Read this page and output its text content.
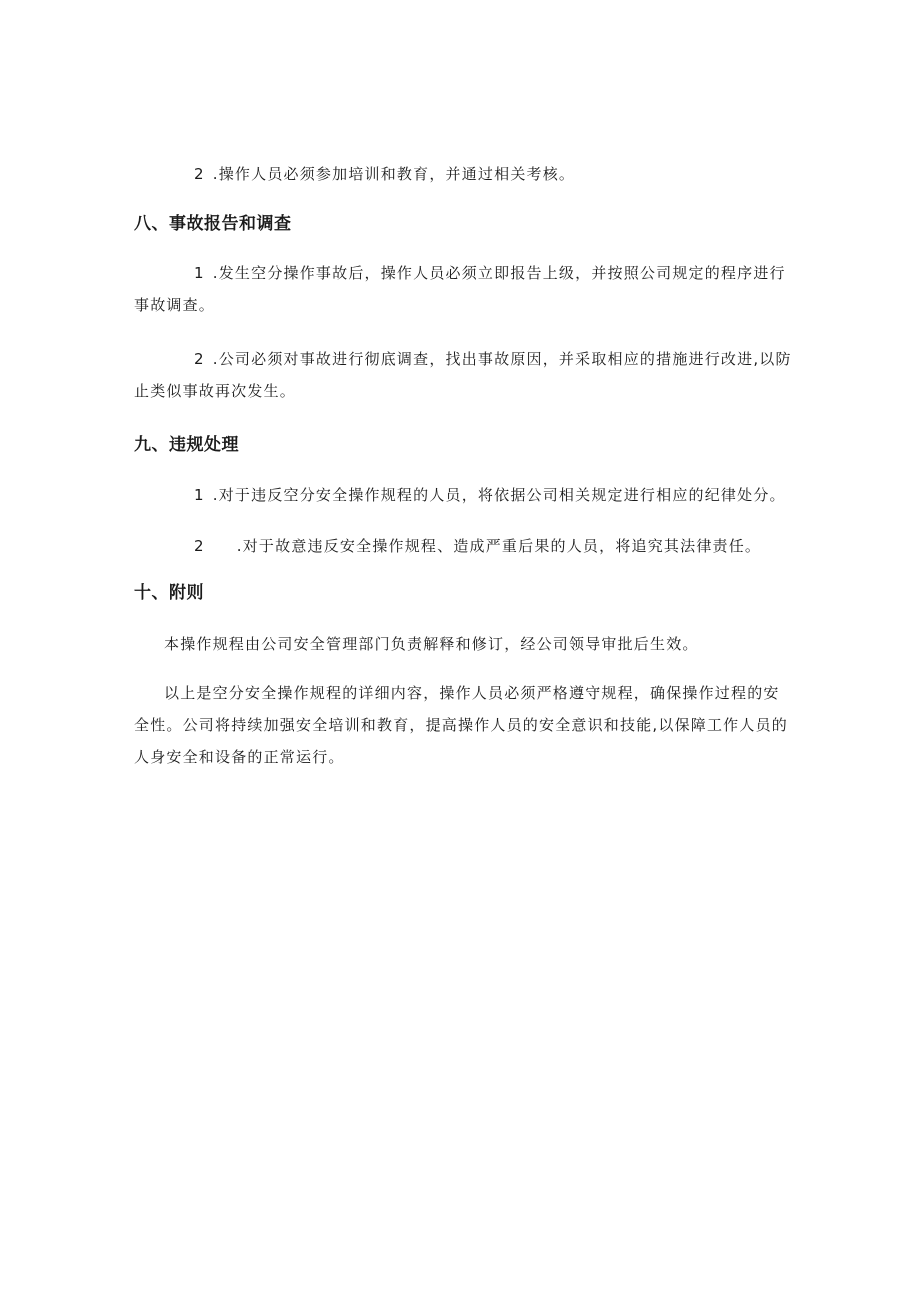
2 .操作人员必须参加培训和教育，并通过相关考核。

八、事故报告和调查

1 .发生空分操作事故后，操作人员必须立即报告上级，并按照公司规定的程序进行事故调查。

2 .公司必须对事故进行彻底调查，找出事故原因，并采取相应的措施进行改进,以防止类似事故再次发生。

九、违规处理

1 .对于违反空分安全操作规程的人员，将依据公司相关规定进行相应的纪律处分。

2 .对于故意违反安全操作规程、造成严重后果的人员，将追究其法律责任。

十、附则

本操作规程由公司安全管理部门负责解释和修订，经公司领导审批后生效。

以上是空分安全操作规程的详细内容，操作人员必须严格遵守规程，确保操作过程的安全性。公司将持续加强安全培训和教育，提高操作人员的安全意识和技能,以保障工作人员的人身安全和设备的正常运行。
